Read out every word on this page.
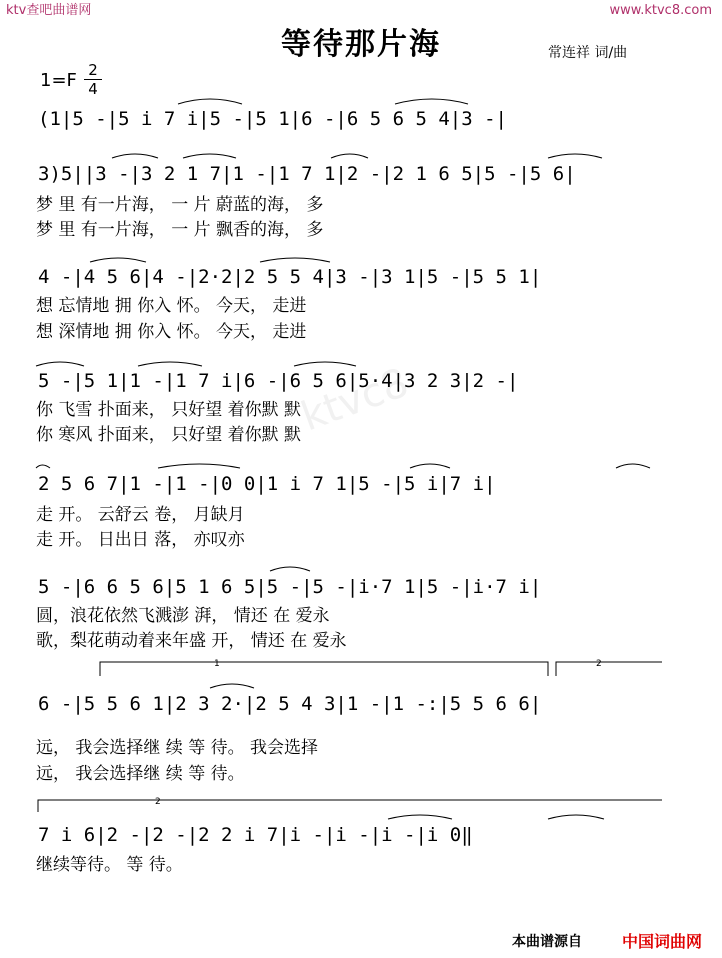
ktv查吧曲谱网	www.ktvc8.com
ktvc8
等待那片海	常连祥 词/曲
1=F 2
4
(1|5 -|5 i 7 i|5 -|5 1|6 -|6 5 6 5 4|3 -|
3)5||3 -|3 2 1 7|1 -|1 7 1|2 -|2 1 6 5|5 -|5 6|
梦 里 有一片海， 一 片 蔚蓝的海， 多
梦 里 有一片海， 一 片 飘香的海， 多
4 -|4 5 6|4 -|2·2|2 5 5 4|3 -|3 1|5 -|5 5 1|
想 忘情地 拥 你入 怀。 今天， 走进
想 深情地 拥 你入 怀。 今天， 走进
5 -|5 1|1 -|1 7 i|6 -|6 5 6|5·4|3 2 3|2 -|
你 飞雪 扑面来， 只好望 着你默 默
你 寒风 扑面来， 只好望 着你默 默
2 5 6 7|1 -|1 -|0 0|1 i 7 1|5 -|5 i|7 i|
走 开。 云舒云 卷， 月缺月
走 开。 日出日 落， 亦叹亦
5 -|6 6 5 6|5 1 6 5|5 -|5 -|i·7 1|5 -|i·7 i|
圆，浪花依然飞溅澎 湃， 情还 在 爱永
歌，梨花萌动着来年盛 开， 情还 在 爱永
6 -|5 5 6 1|2 3 2·|2 5 4 3|1 -|1 -:|5 5 6 6|
远， 我会选择继 续 等 待。 我会选择
远， 我会选择继 续 等 待。
7 i 6|2 -|2 -|2 2 i 7|i -|i -|i -|i 0‖
继续等待。 等 待。
1	2
2
本曲谱源自	中国词曲网
